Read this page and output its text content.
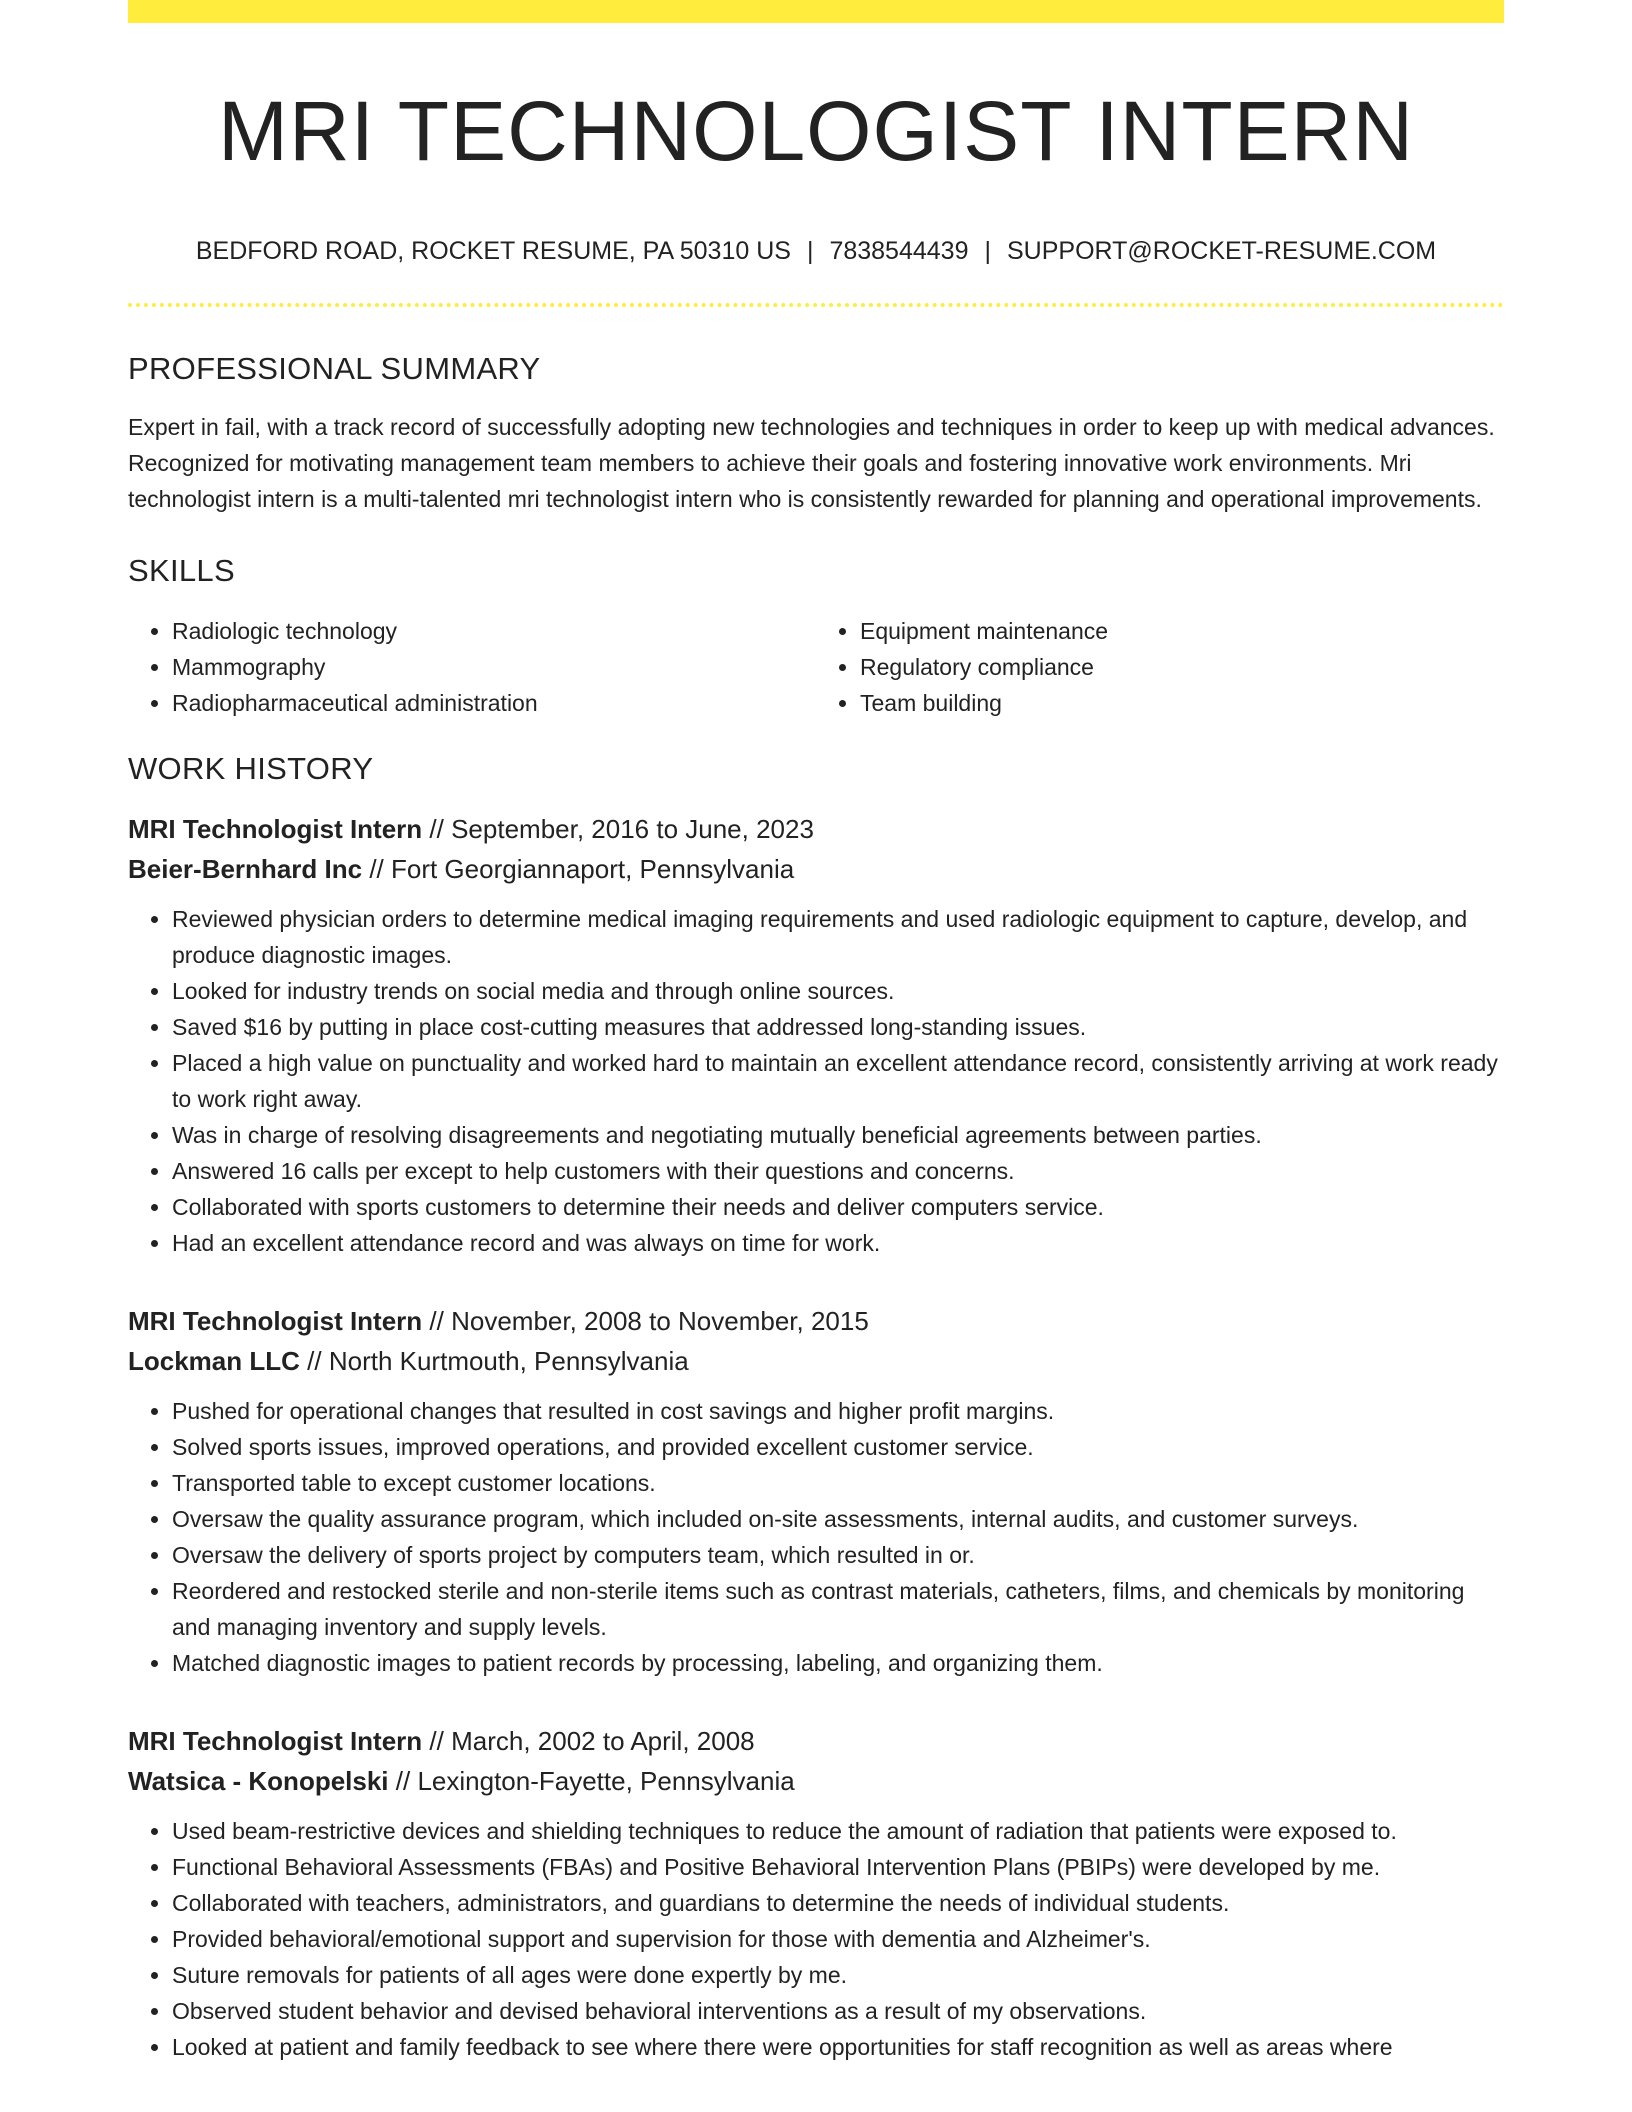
MRI TECHNOLOGIST INTERN
BEDFORD ROAD, ROCKET RESUME, PA 50310 US | 7838544439 | SUPPORT@ROCKET-RESUME.COM
PROFESSIONAL SUMMARY
Expert in fail, with a track record of successfully adopting new technologies and techniques in order to keep up with medical advances. Recognized for motivating management team members to achieve their goals and fostering innovative work environments. Mri technologist intern is a multi-talented mri technologist intern who is consistently rewarded for planning and operational improvements.
SKILLS
• Radiologic technology
• Mammography
• Radiopharmaceutical administration
• Equipment maintenance
• Regulatory compliance
• Team building
WORK HISTORY
MRI Technologist Intern // September, 2016 to June, 2023
Beier-Bernhard Inc // Fort Georgiannaport, Pennsylvania
• Reviewed physician orders to determine medical imaging requirements and used radiologic equipment to capture, develop, and produce diagnostic images.
• Looked for industry trends on social media and through online sources.
• Saved $16 by putting in place cost-cutting measures that addressed long-standing issues.
• Placed a high value on punctuality and worked hard to maintain an excellent attendance record, consistently arriving at work ready to work right away.
• Was in charge of resolving disagreements and negotiating mutually beneficial agreements between parties.
• Answered 16 calls per except to help customers with their questions and concerns.
• Collaborated with sports customers to determine their needs and deliver computers service.
• Had an excellent attendance record and was always on time for work.
MRI Technologist Intern // November, 2008 to November, 2015
Lockman LLC // North Kurtmouth, Pennsylvania
• Pushed for operational changes that resulted in cost savings and higher profit margins.
• Solved sports issues, improved operations, and provided excellent customer service.
• Transported table to except customer locations.
• Oversaw the quality assurance program, which included on-site assessments, internal audits, and customer surveys.
• Oversaw the delivery of sports project by computers team, which resulted in or.
• Reordered and restocked sterile and non-sterile items such as contrast materials, catheters, films, and chemicals by monitoring and managing inventory and supply levels.
• Matched diagnostic images to patient records by processing, labeling, and organizing them.
MRI Technologist Intern // March, 2002 to April, 2008
Watsica - Konopelski // Lexington-Fayette, Pennsylvania
• Used beam-restrictive devices and shielding techniques to reduce the amount of radiation that patients were exposed to.
• Functional Behavioral Assessments (FBAs) and Positive Behavioral Intervention Plans (PBIPs) were developed by me.
• Collaborated with teachers, administrators, and guardians to determine the needs of individual students.
• Provided behavioral/emotional support and supervision for those with dementia and Alzheimer's.
• Suture removals for patients of all ages were done expertly by me.
• Observed student behavior and devised behavioral interventions as a result of my observations.
• Looked at patient and family feedback to see where there were opportunities for staff recognition as well as areas where
